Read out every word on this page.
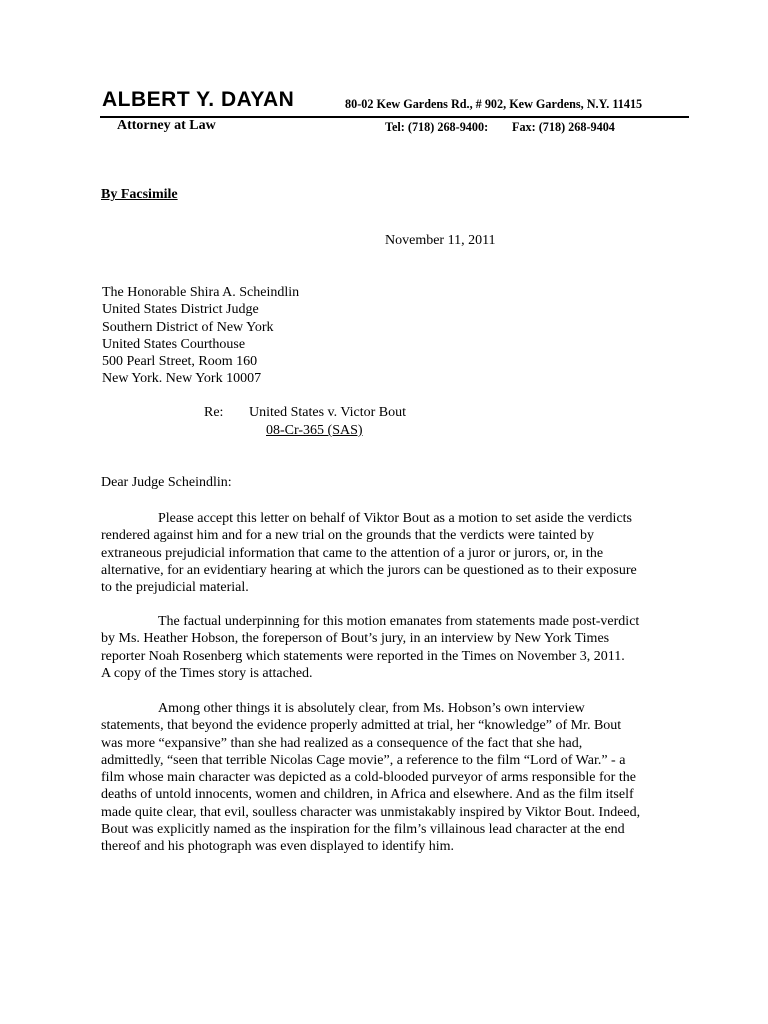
ALBERT Y. DAYAN	80-02 Kew Gardens Rd., # 902, Kew Gardens, N.Y. 11415
Attorney at Law	Tel: (718) 268-9400: Fax: (718) 268-9404
By Facsimile
November 11, 2011
The Honorable Shira A. Scheindlin
United States District Judge
Southern District of New York
United States Courthouse
500 Pearl Street, Room 160
New York. New York 10007
Re: United States v. Victor Bout
08-Cr-365 (SAS)
Dear Judge Scheindlin:
Please accept this letter on behalf of Viktor Bout as a motion to set aside the verdicts
rendered against him and for a new trial on the grounds that the verdicts were tainted by
extraneous prejudicial information that came to the attention of a juror or jurors, or, in the
alternative, for an evidentiary hearing at which the jurors can be questioned as to their exposure
to the prejudicial material.
The factual underpinning for this motion emanates from statements made post-verdict
by Ms. Heather Hobson, the foreperson of Bout’s jury, in an interview by New York Times
reporter Noah Rosenberg which statements were reported in the Times on November 3, 2011.
A copy of the Times story is attached.
Among other things it is absolutely clear, from Ms. Hobson’s own interview
statements, that beyond the evidence properly admitted at trial, her “knowledge” of Mr. Bout
was more “expansive” than she had realized as a consequence of the fact that she had,
admittedly, “seen that terrible Nicolas Cage movie”, a reference to the film “Lord of War.” - a
film whose main character was depicted as a cold-blooded purveyor of arms responsible for the
deaths of untold innocents, women and children, in Africa and elsewhere. And as the film itself
made quite clear, that evil, soulless character was unmistakably inspired by Viktor Bout. Indeed,
Bout was explicitly named as the inspiration for the film’s villainous lead character at the end
thereof and his photograph was even displayed to identify him.
